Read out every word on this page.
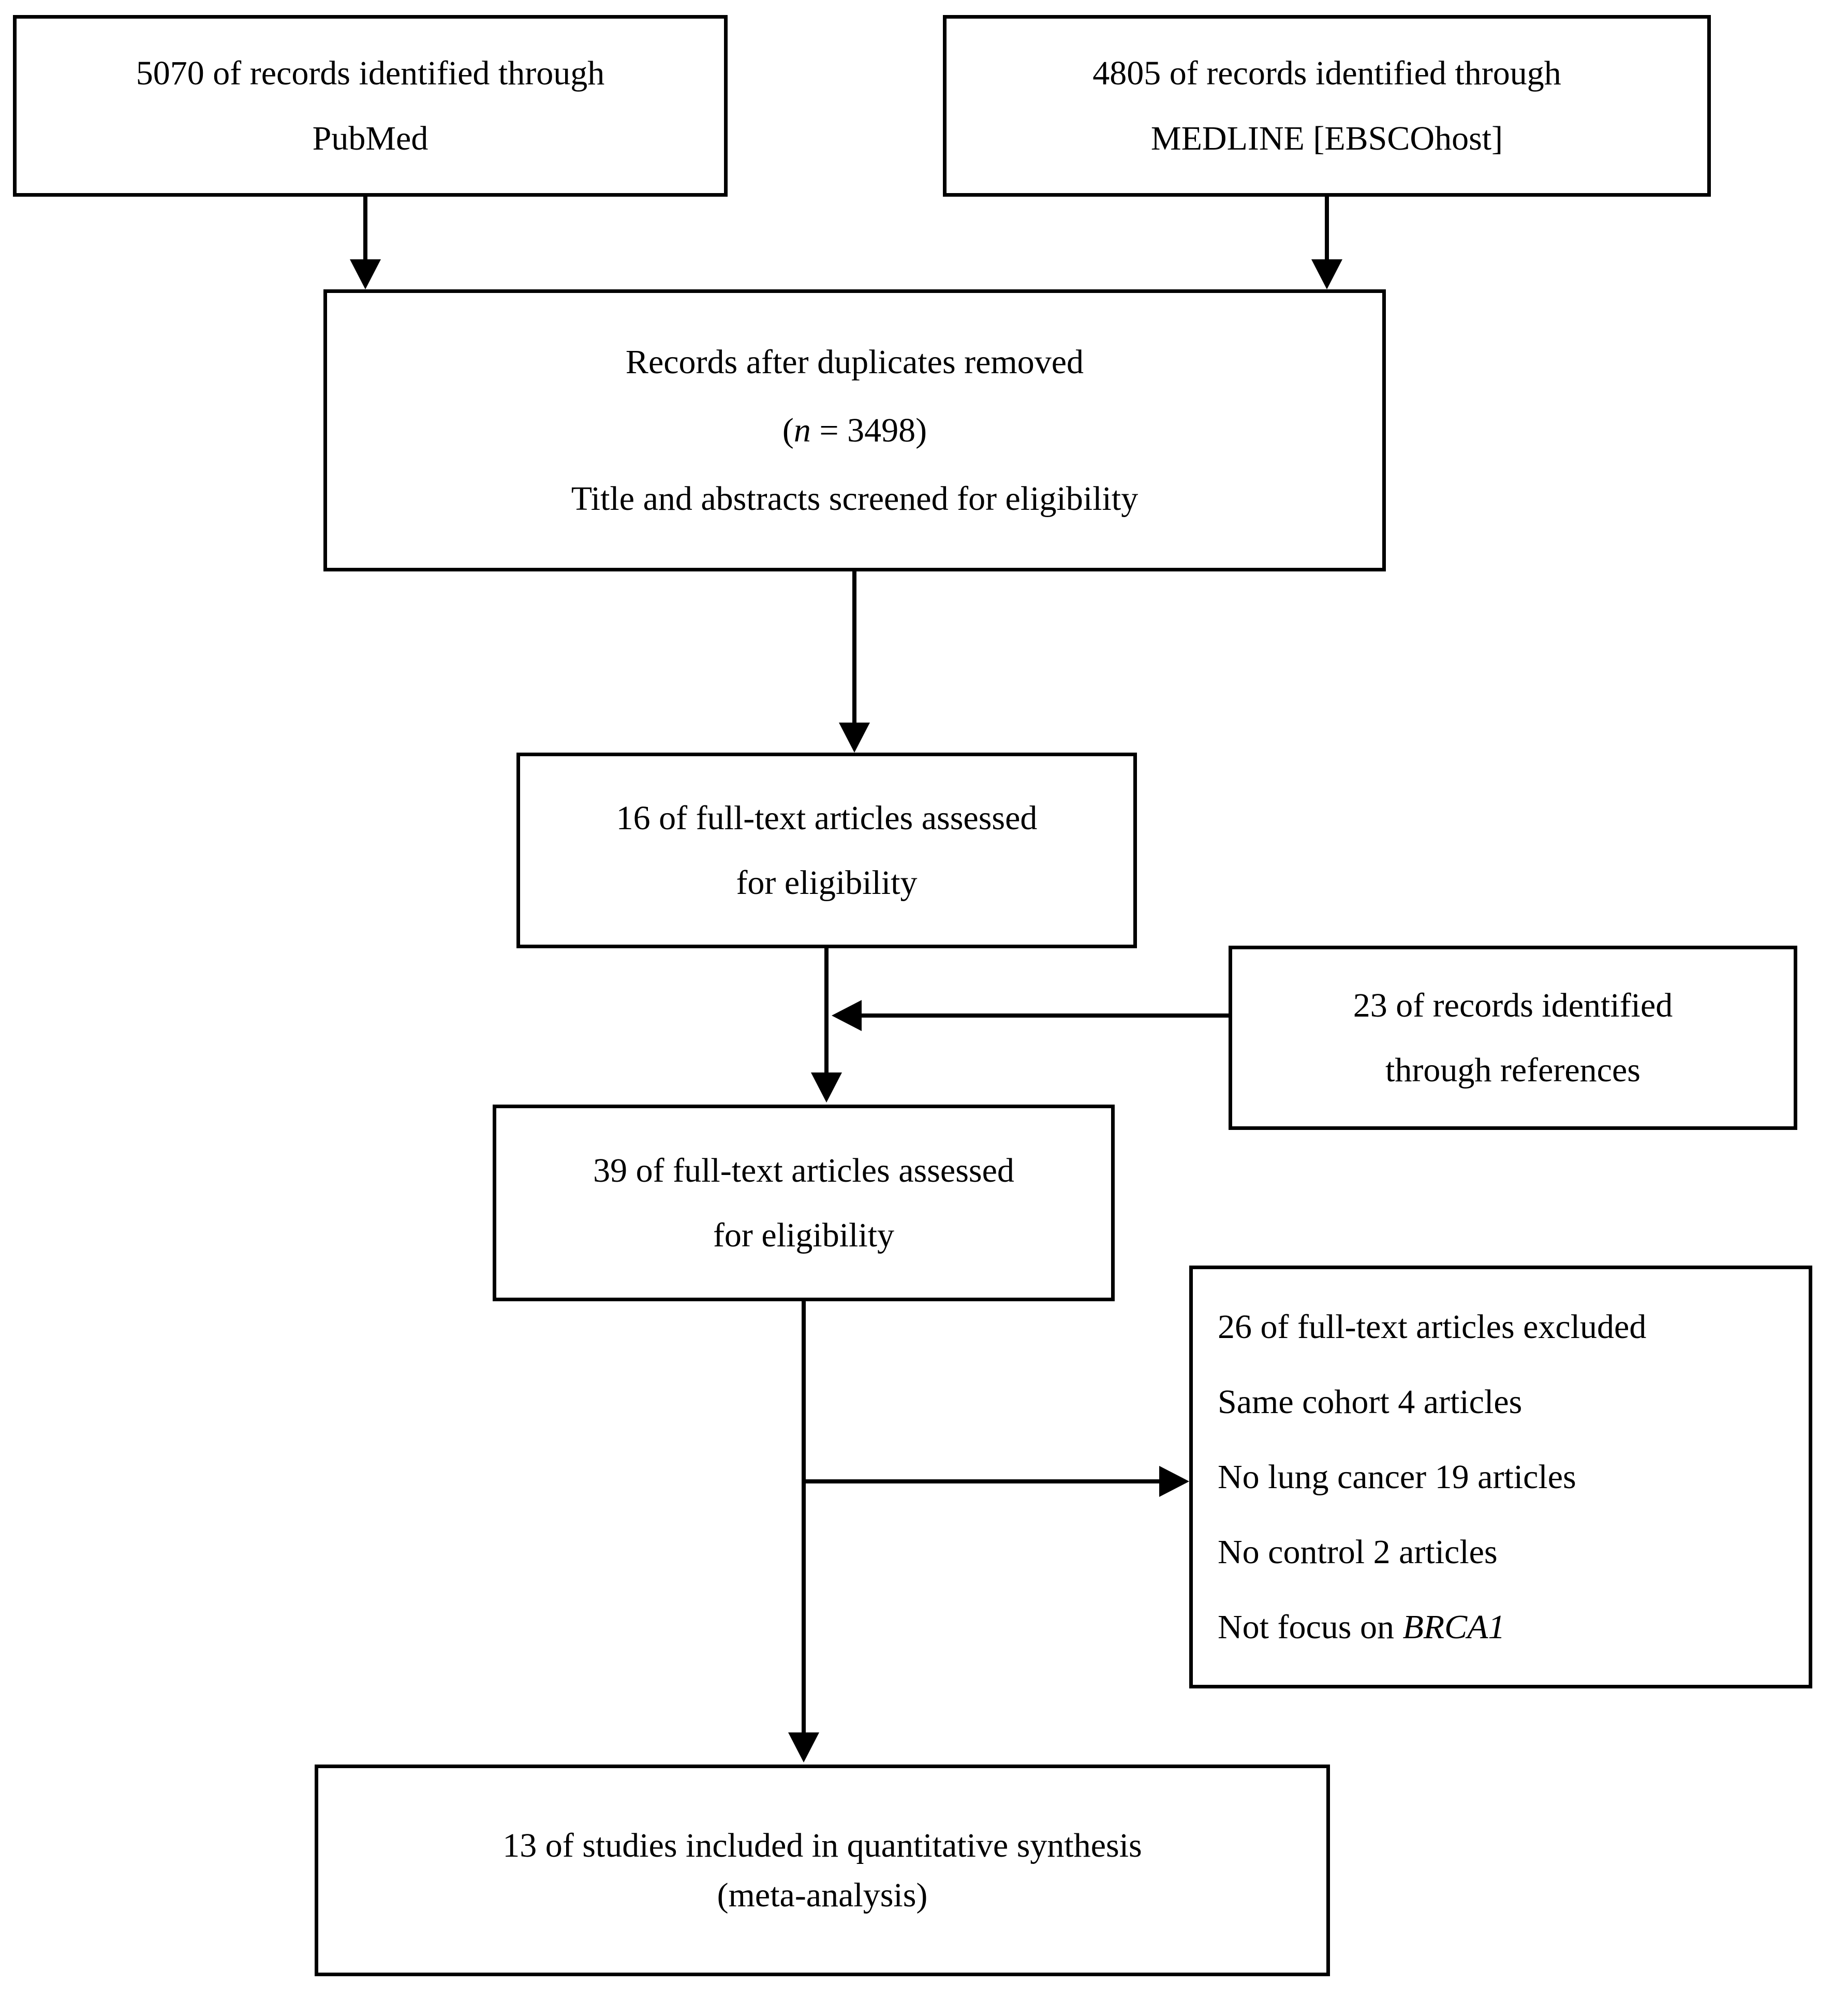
5070 of records identified through
PubMed
4805 of records identified through
MEDLINE [EBSCOhost]
Records after duplicates removed
(n = 3498)
Title and abstracts screened for eligibility
16 of full-text articles assessed
for eligibility
23 of records identified
through references
39 of full-text articles assessed
for eligibility
26 of full-text articles excluded
Same cohort 4 articles
No lung cancer 19 articles
No control 2 articles
Not focus on BRCA1
13 of studies included in quantitative synthesis
(meta-analysis)
